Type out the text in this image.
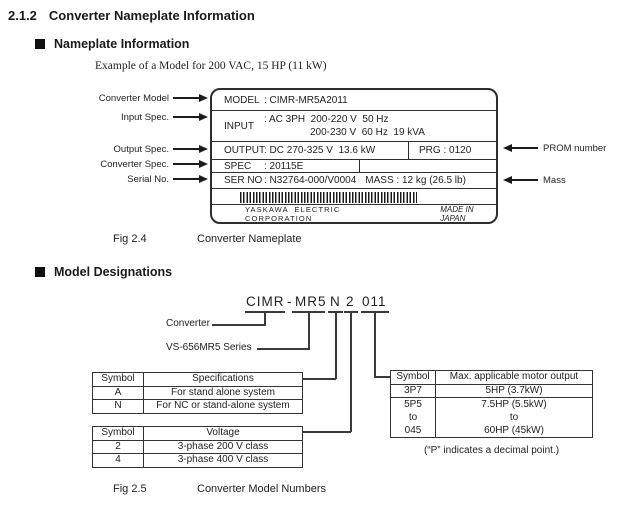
2.1.2 Converter Nameplate Information
Nameplate Information
Example of a Model for 200 VAC, 15 HP (11 kW)
MODEL : CIMR-MR5A2011
INPUT
: AC 3PH  200-220 V  50 Hz
200-230 V  60 Hz  19 kVA
OUTPUT
: DC 270-325 V  13.6 kW	PRG : 0120
SPEC	: 20115E
SER NO : N32764-000/V0004 MASS : 12 kg (26.5 lb)
YASKAWA ELECTRIC CORPORATION
MADE IN JAPAN
Converter Model
Input Spec.
Output Spec.
Converter Spec.
Serial No.
PROM number
Mass
Fig 2.4	Converter Nameplate
Model Designations
CIMR - MR5 N 2 011
Converter
VS-656MR5 Series
Symbol	Specifications
A	For stand alone system
N	For NC or stand-alone system
Symbol	Voltage
2	3-phase 200 V class
4	3-phase 400 V class
Symbol	Max. applicable motor output
3P7	5HP (3.7kW)

5P5
to
045	7.5HP (5.5kW)
to
60HP (45kW)
(“P” indicates a decimal point.)
Fig 2.5	Converter Model Numbers
